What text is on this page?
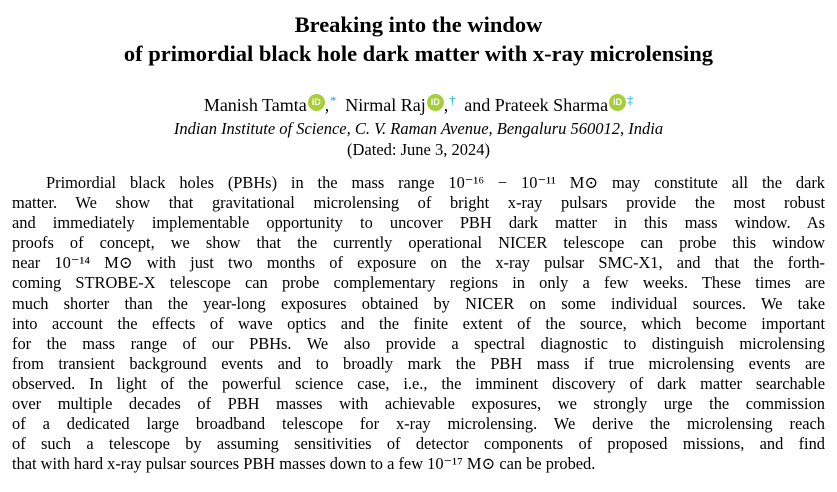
Breaking into the window
of primordial black hole dark matter with x-ray microlensing
Manish Tamta iD ,* Nirmal Raj iD ,† and Prateek Sharma iD ‡
Indian Institute of Science, C. V. Raman Avenue, Bengaluru 560012, India
(Dated: June 3, 2024)

Primordial black holes (PBHs) in the mass range 10⁻¹⁶ − 10⁻¹¹ M⊙ may constitute all the dark
matter. We show that gravitational microlensing of bright x-ray pulsars provide the most robust
and immediately implementable opportunity to uncover PBH dark matter in this mass window. As
proofs of concept, we show that the currently operational NICER telescope can probe this window
near 10⁻¹⁴ M⊙ with just two months of exposure on the x-ray pulsar SMC-X1, and that the forth-
coming STROBE-X telescope can probe complementary regions in only a few weeks. These times are
much shorter than the year-long exposures obtained by NICER on some individual sources. We take
into account the effects of wave optics and the finite extent of the source, which become important
for the mass range of our PBHs. We also provide a spectral diagnostic to distinguish microlensing
from transient background events and to broadly mark the PBH mass if true microlensing events are
observed. In light of the powerful science case, i.e., the imminent discovery of dark matter searchable
over multiple decades of PBH masses with achievable exposures, we strongly urge the commission
of a dedicated large broadband telescope for x-ray microlensing. We derive the microlensing reach
of such a telescope by assuming sensitivities of detector components of proposed missions, and find
that with hard x-ray pulsar sources PBH masses down to a few 10⁻¹⁷ M⊙ can be probed.
